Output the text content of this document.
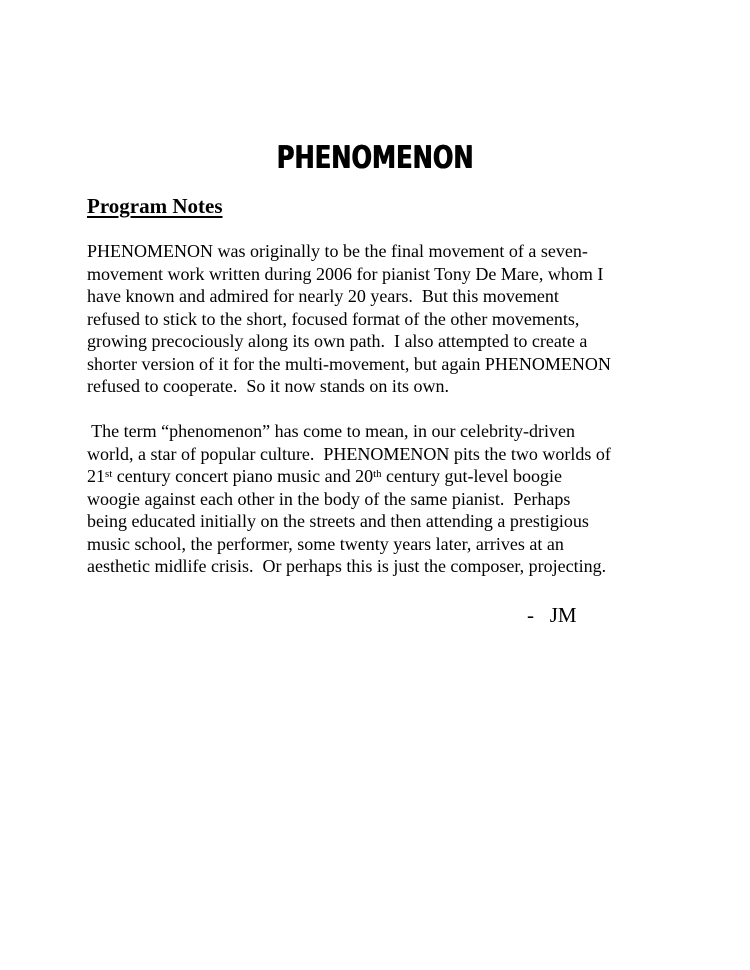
PHENOMENON
Program Notes
PHENOMENON was originally to be the final movement of a seven-
movement work written during 2006 for pianist Tony De Mare, whom I
have known and admired for nearly 20 years.  But this movement
refused to stick to the short, focused format of the other movements,
growing precociously along its own path.  I also attempted to create a
shorter version of it for the multi-movement, but again PHENOMENON
refused to cooperate.  So it now stands on its own.
The term “phenomenon” has come to mean, in our celebrity-driven
world, a star of popular culture.  PHENOMENON pits the two worlds of
21st century concert piano music and 20th century gut-level boogie
woogie against each other in the body of the same pianist.  Perhaps
being educated initially on the streets and then attending a prestigious
music school, the performer, some twenty years later, arrives at an
aesthetic midlife crisis.  Or perhaps this is just the composer, projecting.
-   JM
